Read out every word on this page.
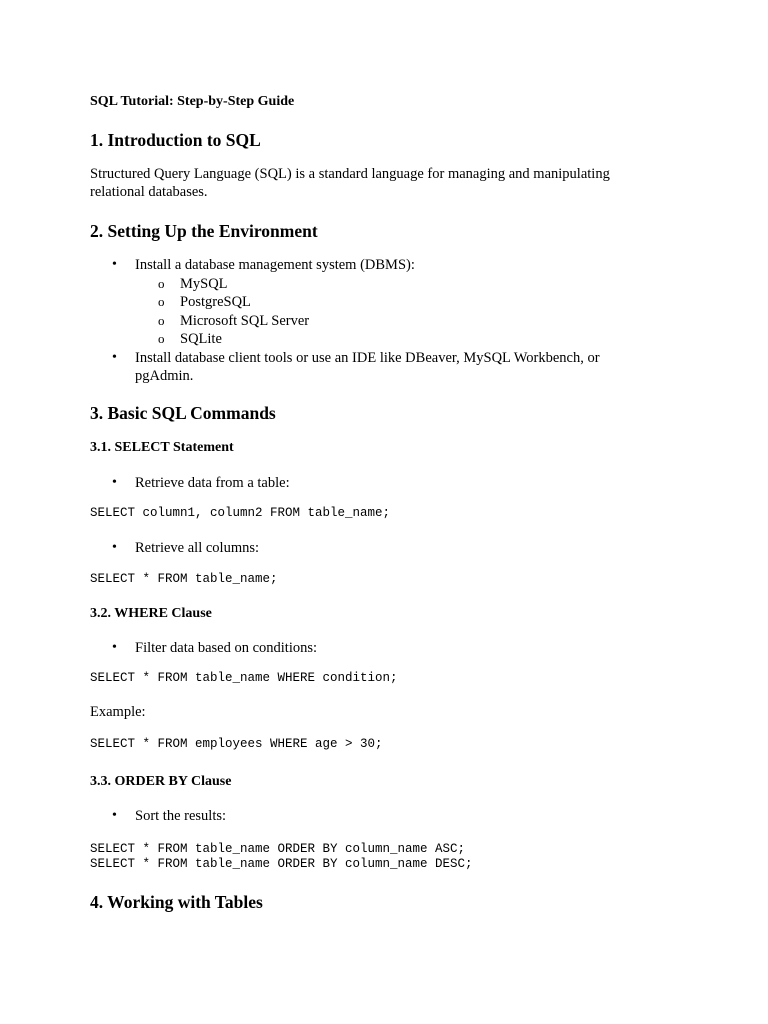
SQL Tutorial: Step-by-Step Guide
1. Introduction to SQL

Structured Query Language (SQL) is a standard language for managing and manipulating relational databases.

2. Setting Up the Environment
• Install a database management system (DBMS):
o MySQL
o PostgreSQL
o Microsoft SQL Server
o SQLite
• Install database client tools or use an IDE like DBeaver, MySQL Workbench, or pgAdmin.
3. Basic SQL Commands
3.1. SELECT Statement
• Retrieve data from a table:
SELECT column1, column2 FROM table_name;
• Retrieve all columns:
SELECT * FROM table_name;
3.2. WHERE Clause
• Filter data based on conditions:
SELECT * FROM table_name WHERE condition;

Example:

SELECT * FROM employees WHERE age > 30;
3.3. ORDER BY Clause
• Sort the results:
SELECT * FROM table_name ORDER BY column_name ASC;
SELECT * FROM table_name ORDER BY column_name DESC;
4. Working with Tables
